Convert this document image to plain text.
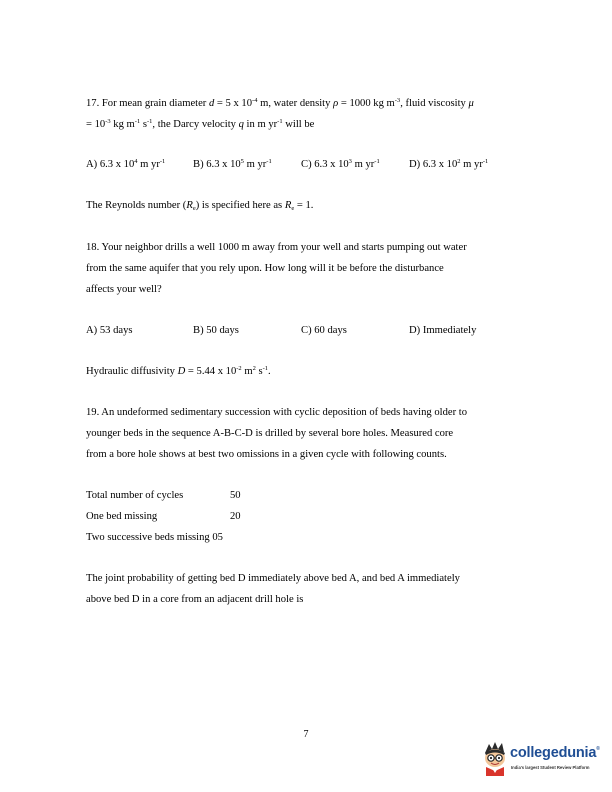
17. For mean grain diameter d = 5 x $10^{-4}$ m, water density ρ = 1000 kg $m^{-3}$, fluid viscosity μ
= $10^{-3}$ kg $m^{-1}$ $s^{-1}$, the Darcy velocity q in m $yr^{-1}$ will be
A) 6.3 x $10^4$ m $yr^{-1}$	B) 6.3 x $10^5$ m $yr^{-1}$	C) 6.3 x $10^3$ m $yr^{-1}$	D) 6.3 x $10^2$ m $yr^{-1}$
The Reynolds number $(R_e)$ is specified here as $R_e = 1$.
18. Your neighbor drills a well 1000 m away from your well and starts pumping out water
from the same aquifer that you rely upon. How long will it be before the disturbance
affects your well?
A) 53 days	B) 50 days	C) 60 days	D) Immediately
Hydraulic diffusivity D = 5.44 x $10^{-2}$ $m^2$ $s^{-1}$.
19. An undeformed sedimentary succession with cyclic deposition of beds having older to
younger beds in the sequence A-B-C-D is drilled by several bore holes. Measured core
from a bore hole shows at best two omissions in a given cycle with following counts.
Total number of cycles	50
One bed missing	20
Two successive beds missing 05
The joint probability of getting bed D immediately above bed A, and bed A immediately
above bed D in a core from an adjacent drill hole is
7
collegedunia®
India's largest Student Review Platform
